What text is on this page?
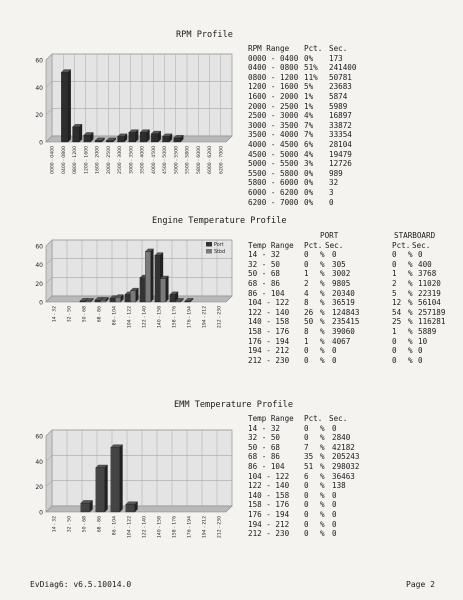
RPM Profile
0
20
40
60
0000 - 0400 0400 - 0800 0800 - 1200 1200 - 1600 1600 - 2000 2000 - 2500 2500 - 3000 3000 - 3500 3500 - 4000 4000 - 4500 4500 - 5000 5000 - 5500 5500 - 5800 5800 - 6000 6000 - 6200 6200 - 7000
RPM Range Pct. Sec.
0000 - 0400 0% 173
0400 - 0800 51% 241400
0800 - 1200 11% 50781
1200 - 1600 5% 23683
1600 - 2000 1% 5874
2000 - 2500 1% 5989
2500 - 3000 4% 16897
3000 - 3500 7% 33872
3500 - 4000 7% 33354
4000 - 4500 6% 28104
4500 - 5000 4% 19479
5000 - 5500 3% 12726
5500 - 5800 0% 989
5800 - 6000 0% 32
6000 - 6200 0% 3
6200 - 7000 0% 0
Engine Temperature Profile
0
20
40
60
14 - 32 32 - 50 50 - 68 68 - 86 86 - 104 104 - 122 122 - 140 140 - 158 158 - 176 176 - 194 194 - 212 212 - 230
Port
Stbd
PORT	STARBOARD
Temp Range Pct. Sec.	Pct. Sec.
14 - 32	0 % 0	0 % 0
32 - 50	0 % 305	0 % 400
50 - 68	1 % 3002	1 % 3768
68 - 86	2 % 9805	2 % 11020
86 - 104	4 % 20340	5 % 22319
104 - 122 8 % 36519	12 % 56104
122 - 140 26 % 124843	54 % 257189
140 - 158 50 % 235415	25 % 116281
158 - 176 8 % 39060	1 % 5889
176 - 194 1 % 4067	0 % 10
194 - 212 0 % 0	0 % 0
212 - 230 0 % 0	0 % 0
EMM Temperature Profile
0
20
40
60
14 - 32 32 - 50 50 - 68 68 - 86 86 - 104 104 - 122 122 - 140 140 - 158 158 - 176 176 - 194 194 - 212 212 - 230
Temp Range Pct. Sec.
14 - 32	0 % 0
32 - 50	0 % 2840
50 - 68	7 % 42182
68 - 86	35 % 205243
86 - 104	51 % 298032
104 - 122 6 % 36463
122 - 140 0 % 138
140 - 158 0 % 0
158 - 176 0 % 0
176 - 194 0 % 0
194 - 212 0 % 0
212 - 230 0 % 0
EvDiag6: v6.5.10014.0	Page 2
